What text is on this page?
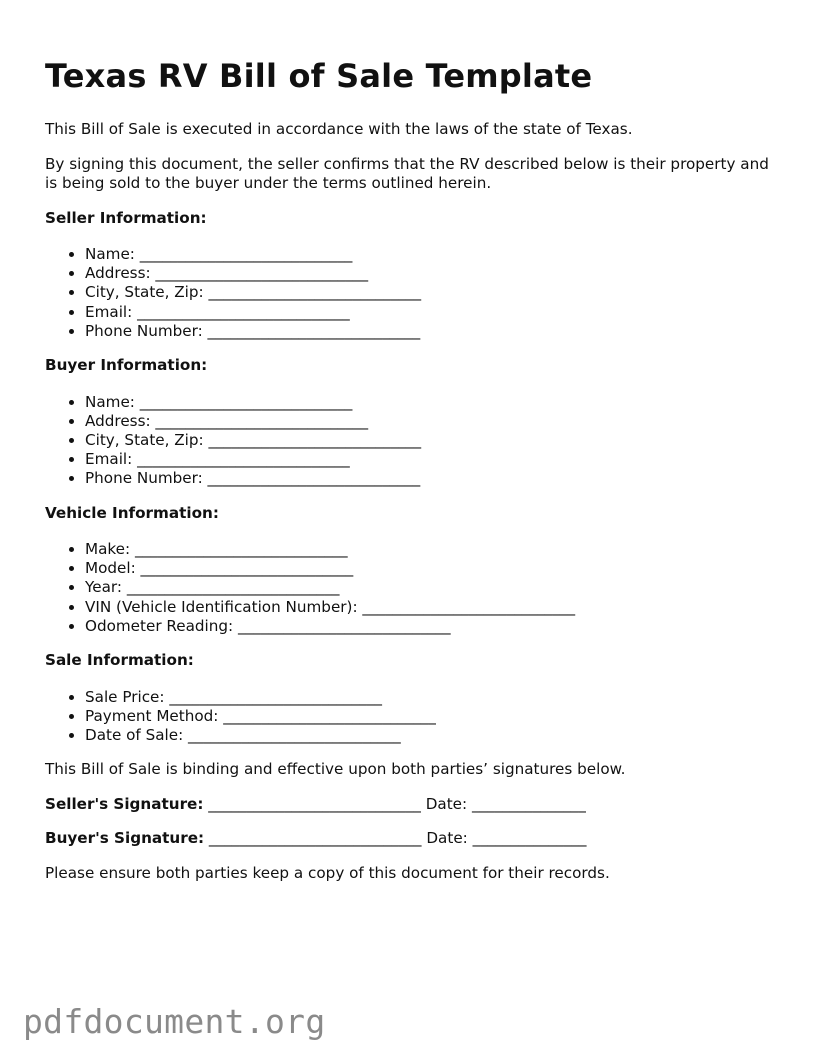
Texas RV Bill of Sale Template

This Bill of Sale is executed in accordance with the laws of the state of Texas.

By signing this document, the seller confirms that the RV described below is their property and is being sold to the buyer under the terms outlined herein.

Seller Information:

• Name: ____________________________
• Address: ____________________________
• City, State, Zip: ____________________________
• Email: ____________________________
• Phone Number: ____________________________

Buyer Information:

• Name: ____________________________
• Address: ____________________________
• City, State, Zip: ____________________________
• Email: ____________________________
• Phone Number: ____________________________

Vehicle Information:

• Make: ____________________________
• Model: ____________________________
• Year: ____________________________
• VIN (Vehicle Identification Number): ____________________________
• Odometer Reading: ____________________________

Sale Information:

• Sale Price: ____________________________
• Payment Method: ____________________________
• Date of Sale: ____________________________

This Bill of Sale is binding and effective upon both parties’ signatures below.

Seller's Signature: ____________________________ Date: _______________

Buyer's Signature: ____________________________ Date: _______________

Please ensure both parties keep a copy of this document for their records.

pdfdocument.org
